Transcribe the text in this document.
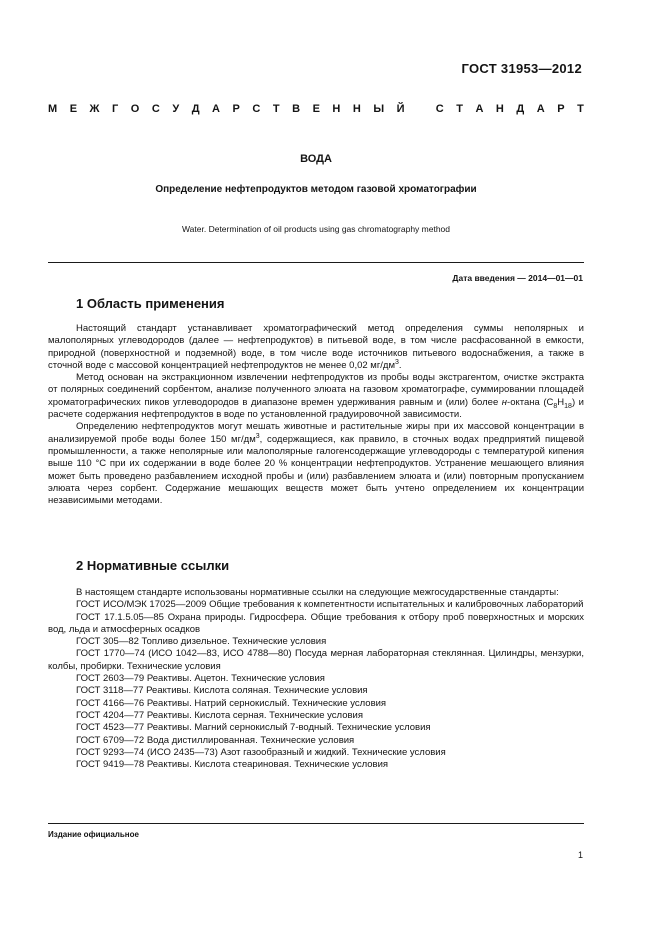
ГОСТ 31953—2012
М Е Ж Г О С У Д А Р С Т В Е Н Н Ы Й
	С Т А Н Д А Р Т
ВОДА
Определение нефтепродуктов методом газовой хроматографии
Water. Determination of oil products using gas chromatography method
Дата введения — 2014—01—01
1 Область применения

Настоящий стандарт устанавливает хроматографический метод определения суммы неполярных и малополярных углеводородов (далее — нефтепродуктов) в питьевой воде, в том числе расфасованной в емкости, природной (поверхностной и подземной) воде, в том числе воде источников питьевого водоснабжения, а также в сточной воде с массовой концентрацией нефтепродуктов не менее 0,02 $мг/дм^3$.

Метод основан на экстракционном извлечении нефтепродуктов из пробы воды экстрагентом, очистке экстракта от полярных соединений сорбентом, анализе полученного элюата на газовом хроматографе, суммировании площадей хроматографических пиков углеводородов в диапазоне времен удерживания равным и (или) более н-октана $(C_8H_{18})$ и расчете содержания нефтепродуктов в воде по установленной градуировочной зависимости.

Определению нефтепродуктов могут мешать животные и растительные жиры при их массовой концентрации в анализируемой пробе воды более 150 $мг/дм^3$, содержащиеся, как правило, в сточных водах предприятий пищевой промышленности, а также неполярные или малополярные галогенсодержащие углеводороды с температурой кипения выше 110 °С при их содержании в воде более 20 % концентрации нефтепродуктов. Устранение мешающего влияния может быть проведено разбавлением исходной пробы и (или) разбавлением элюата и (или) повторным пропусканием элюата через сорбент. Содержание мешающих веществ может быть учтено определением их концентрации независимыми методами.

2 Нормативные ссылки

В настоящем стандарте использованы нормативные ссылки на следующие межгосударственные стандарты:

ГОСТ ИСО/МЭК 17025—2009 Общие требования к компетентности испытательных и калибровочных лабораторий

ГОСТ 17.1.5.05—85 Охрана природы. Гидросфера. Общие требования к отбору проб поверхностных и морских вод, льда и атмосферных осадков

ГОСТ 305—82 Топливо дизельное. Технические условия

ГОСТ 1770—74 (ИСО 1042—83, ИСО 4788—80) Посуда мерная лабораторная стеклянная. Цилиндры, мензурки, колбы, пробирки. Технические условия

ГОСТ 2603—79 Реактивы. Ацетон. Технические условия

ГОСТ 3118—77 Реактивы. Кислота соляная. Технические условия

ГОСТ 4166—76 Реактивы. Натрий сернокислый. Технические условия

ГОСТ 4204—77 Реактивы. Кислота серная. Технические условия

ГОСТ 4523—77 Реактивы. Магний сернокислый 7-водный. Технические условия

ГОСТ 6709—72 Вода дистиллированная. Технические условия

ГОСТ 9293—74 (ИСО 2435—73) Азот газообразный и жидкий. Технические условия

ГОСТ 9419—78 Реактивы. Кислота стеариновая. Технические условия

Издание официальное
1
